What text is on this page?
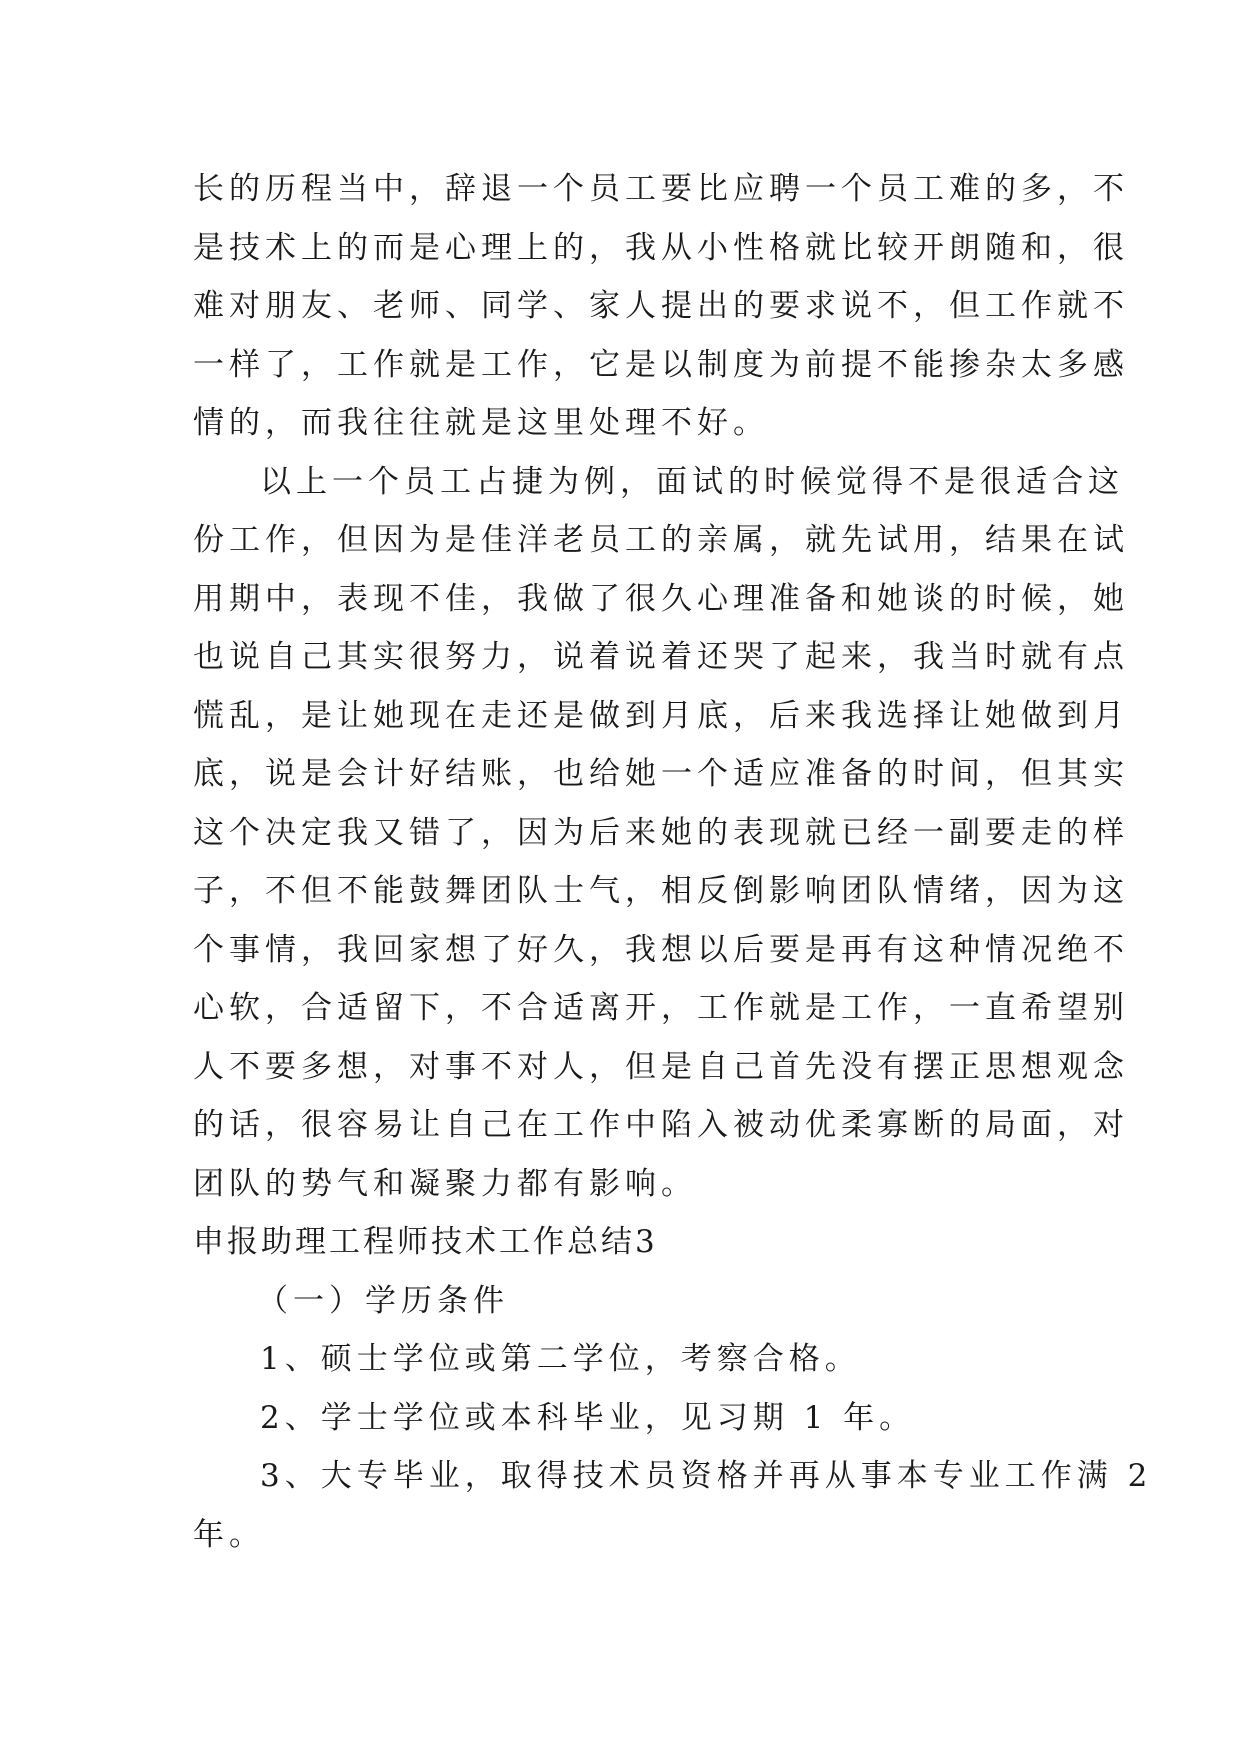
长的历程当中，辞退一个员工要比应聘一个员工难的多，不
是技术上的而是心理上的，我从小性格就比较开朗随和，很
难对朋友、老师、同学、家人提出的要求说不，但工作就不
一样了，工作就是工作，它是以制度为前提不能掺杂太多感
情的，而我往往就是这里处理不好。
以上一个员工占捷为例，面试的时候觉得不是很适合这
份工作，但因为是佳洋老员工的亲属，就先试用，结果在试
用期中，表现不佳，我做了很久心理准备和她谈的时候，她
也说自己其实很努力，说着说着还哭了起来，我当时就有点
慌乱，是让她现在走还是做到月底，后来我选择让她做到月
底，说是会计好结账，也给她一个适应准备的时间，但其实
这个决定我又错了，因为后来她的表现就已经一副要走的样
子，不但不能鼓舞团队士气，相反倒影响团队情绪，因为这
个事情，我回家想了好久，我想以后要是再有这种情况绝不
心软，合适留下，不合适离开，工作就是工作，一直希望别
人不要多想，对事不对人，但是自己首先没有摆正思想观念
的话，很容易让自己在工作中陷入被动优柔寡断的局面，对
团队的势气和凝聚力都有影响。
申报助理工程师技术工作总结3
（一）学历条件
1、硕士学位或第二学位，考察合格。
2、学士学位或本科毕业，见习期 1 年。
3、大专毕业，取得技术员资格并再从事本专业工作满 2
年。
